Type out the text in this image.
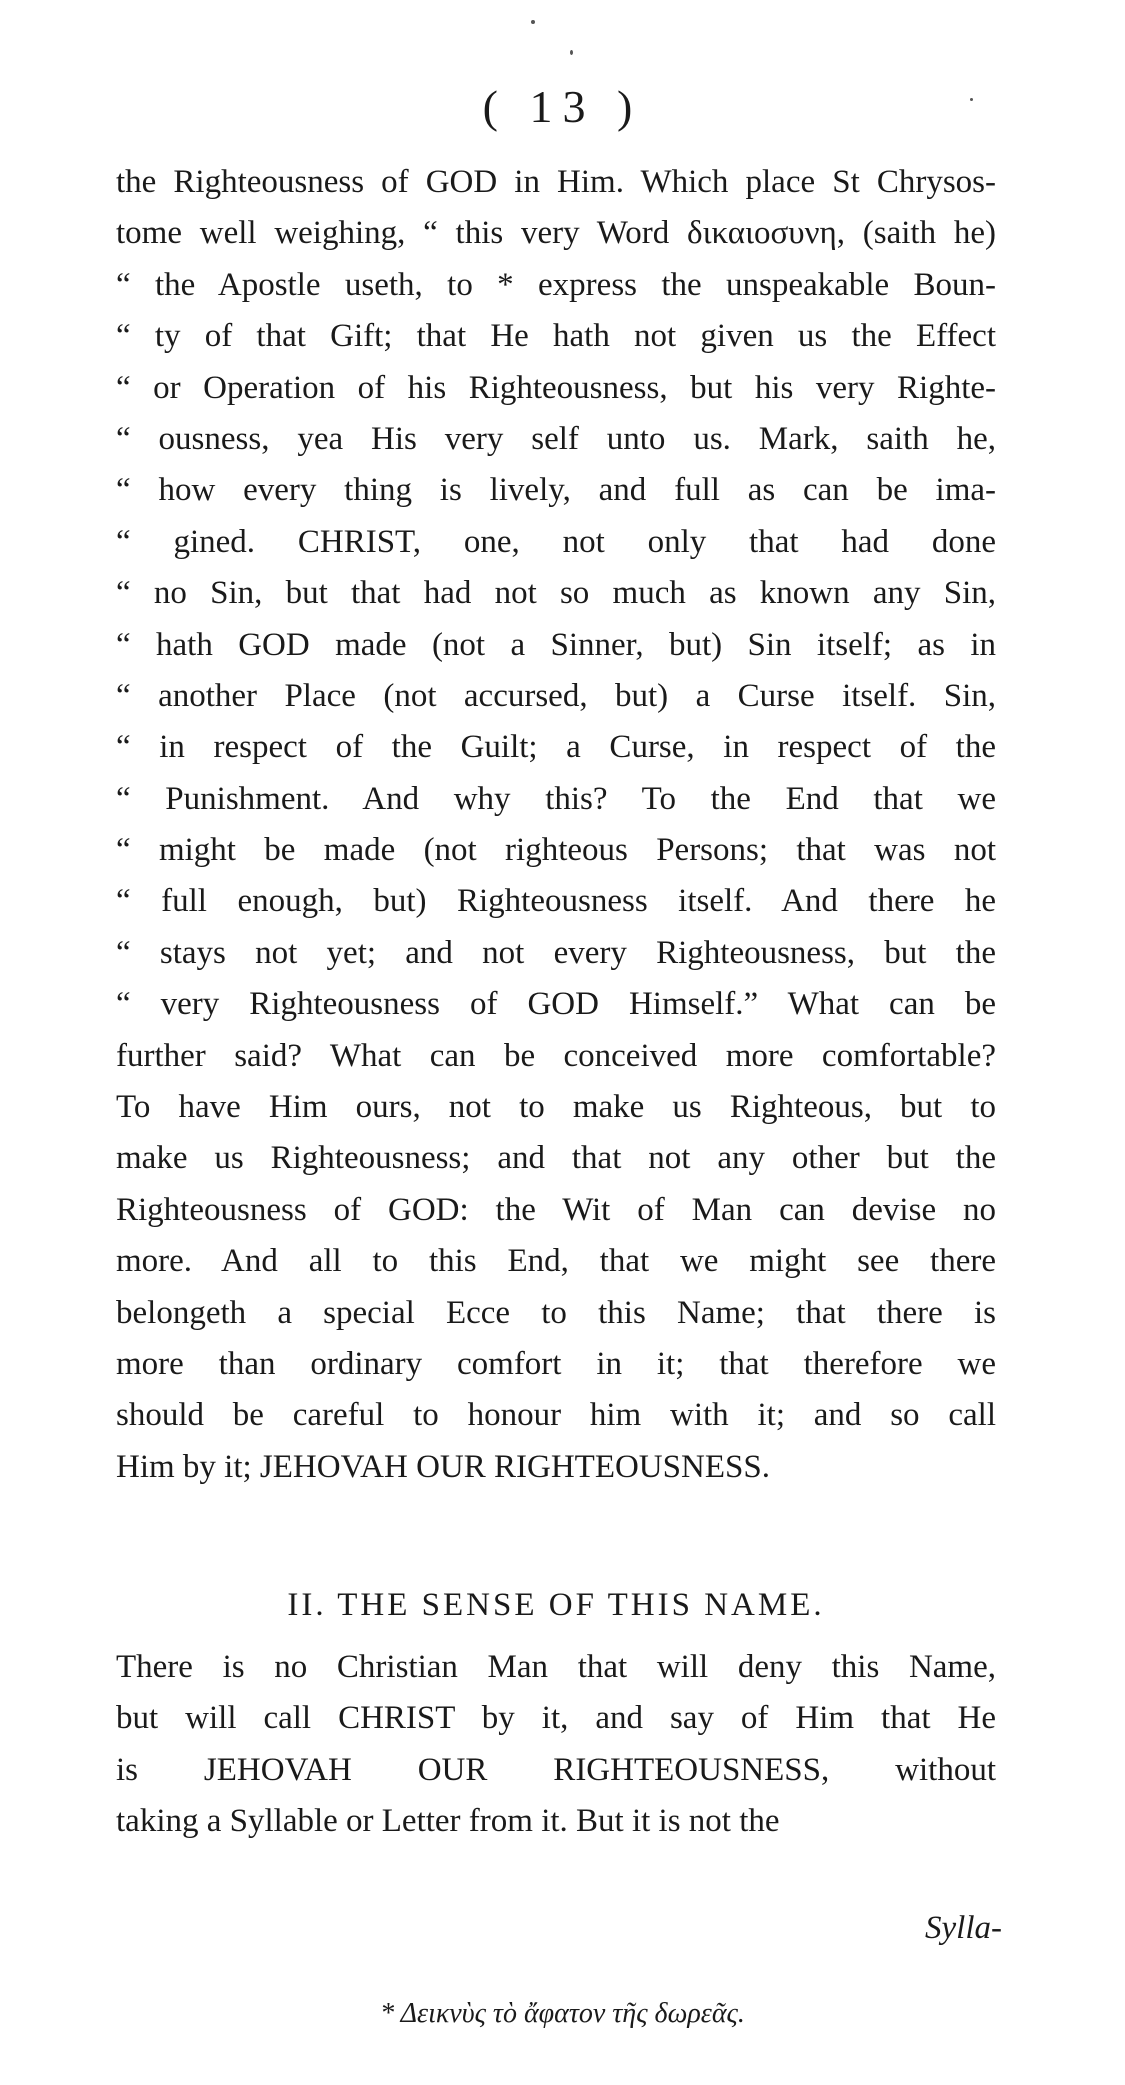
( 13 )
the Righteousness of GOD in Him. Which place St Chrysos-
tome well weighing, “ this very Word δικαιοσυνη, (saith he)
“ the Apostle useth, to * express the unspeakable Boun-
“ ty of that Gift; that He hath not given us the Effect
“ or Operation of his Righteousness, but his very Righte-
“ ousness, yea His very self unto us. Mark, saith he,
“ how every thing is lively, and full as can be ima-
“ gined. CHRIST, one, not only that had done
“ no Sin, but that had not so much as known any Sin,
“ hath GOD made (not a Sinner, but) Sin itself; as in
“ another Place (not accursed, but) a Curse itself. Sin,
“ in respect of the Guilt; a Curse, in respect of the
“ Punishment. And why this? To the End that we
“ might be made (not righteous Persons; that was not
“ full enough, but) Righteousness itself. And there he
“ stays not yet; and not every Righteousness, but the
“ very Righteousness of GOD Himself.” What can be
further said? What can be conceived more comfortable?
To have Him ours, not to make us Righteous, but to
make us Righteousness; and that not any other but the
Righteousness of GOD: the Wit of Man can devise no
more. And all to this End, that we might see there
belongeth a special Ecce to this Name; that there is
more than ordinary comfort in it; that therefore we
should be careful to honour him with it; and so call
Him by it; JEHOVAH OUR RIGHTEOUSNESS.
II. THE SENSE OF THIS NAME.
There is no Christian Man that will deny this Name,
but will call CHRIST by it, and say of Him that He
is JEHOVAH OUR RIGHTEOUSNESS, without
taking a Syllable or Letter from it. But it is not the
Sylla-
* Δεικνὺς τὸ ἄφατον τῆς δωρεᾶς.
